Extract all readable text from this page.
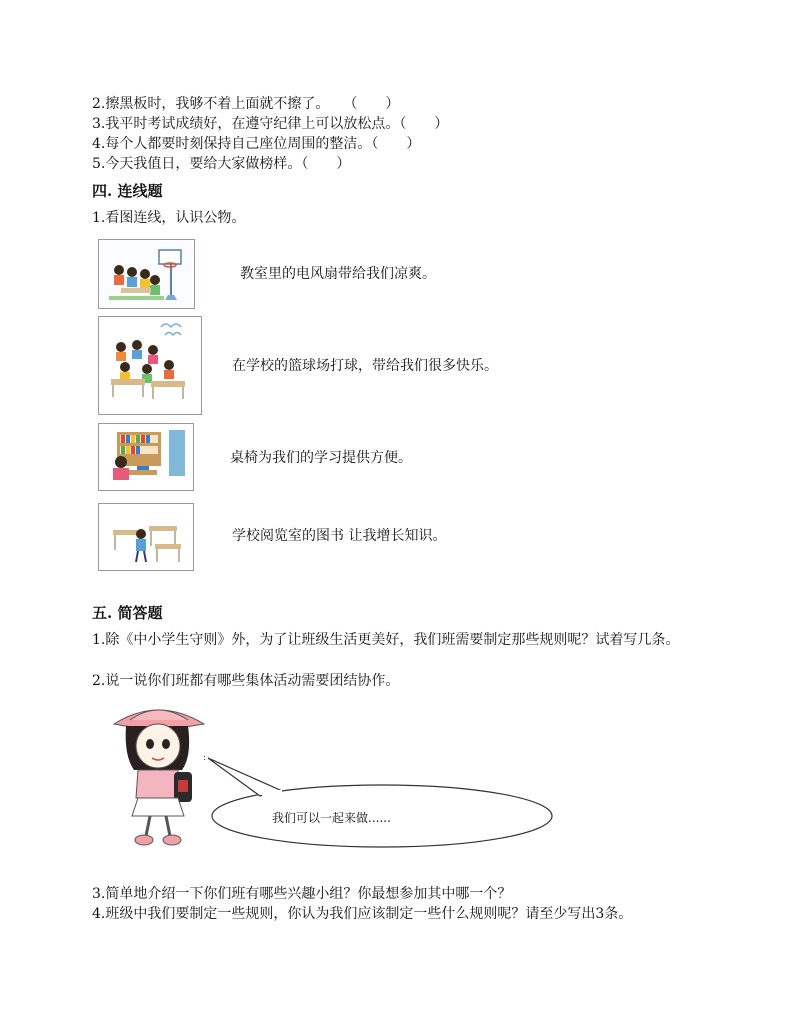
2.擦黑板时，我够不着上面就不擦了。　　（　　）
3.我平时考试成绩好，在遵守纪律上可以放松点。（　　）
4.每个人都要时刻保持自己座位周围的整洁。（　　）
5.今天我值日，要给大家做榜样。（　　）
四. 连线题
1.看图连线，认识公物。
教室里的电风扇带给我们凉爽。
在学校的篮球场打球，带给我们很多快乐。
桌椅为我们的学习提供方便。
学校阅览室的图书 让我增长知识。
五. 简答题
1.除《中小学生守则》外，为了让班级生活更美好，我们班需要制定那些规则呢？试着写几条。
2.说一说你们班都有哪些集体活动需要团结协作。
:
我们可以一起来做......
3.简单地介绍一下你们班有哪些兴趣小组？你最想参加其中哪一个？
4.班级中我们要制定一些规则，你认为我们应该制定一些什么规则呢？请至少写出3条。
